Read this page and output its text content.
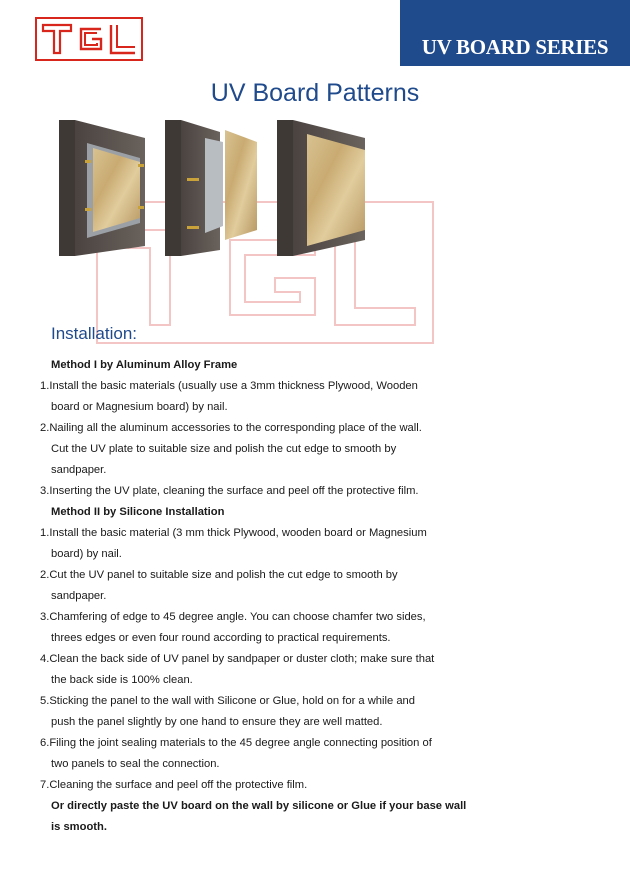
UV BOARD SERIES
UV Board Patterns
Installation:
Method I by Aluminum Alloy Frame
1.Install the basic materials (usually use a 3mm thickness Plywood, Wooden
board or Magnesium board) by nail.
2.Nailing all the aluminum accessories to the corresponding place of the wall.
Cut the UV plate to suitable size and polish the cut edge to smooth by
sandpaper.
3.Inserting the UV plate, cleaning the surface and peel off the protective film.
Method II by Silicone Installation
1.Install the basic material (3 mm thick Plywood, wooden board or Magnesium
board) by nail.
2.Cut the UV panel to suitable size and polish the cut edge to smooth by
sandpaper.
3.Chamfering of edge to 45 degree angle. You can choose chamfer two sides,
threes edges or even four round according to practical requirements.
4.Clean the back side of UV panel by sandpaper or duster cloth; make sure that
the back side is 100% clean.
5.Sticking the panel to the wall with Silicone or Glue, hold on for a while and
push the panel slightly by one hand to ensure they are well matted.
6.Filing the joint sealing materials to the 45 degree angle connecting position of
two panels to seal the connection.
7.Cleaning the surface and peel off the protective film.
Or directly paste the UV board on the wall by silicone or Glue if your base wall
is smooth.
